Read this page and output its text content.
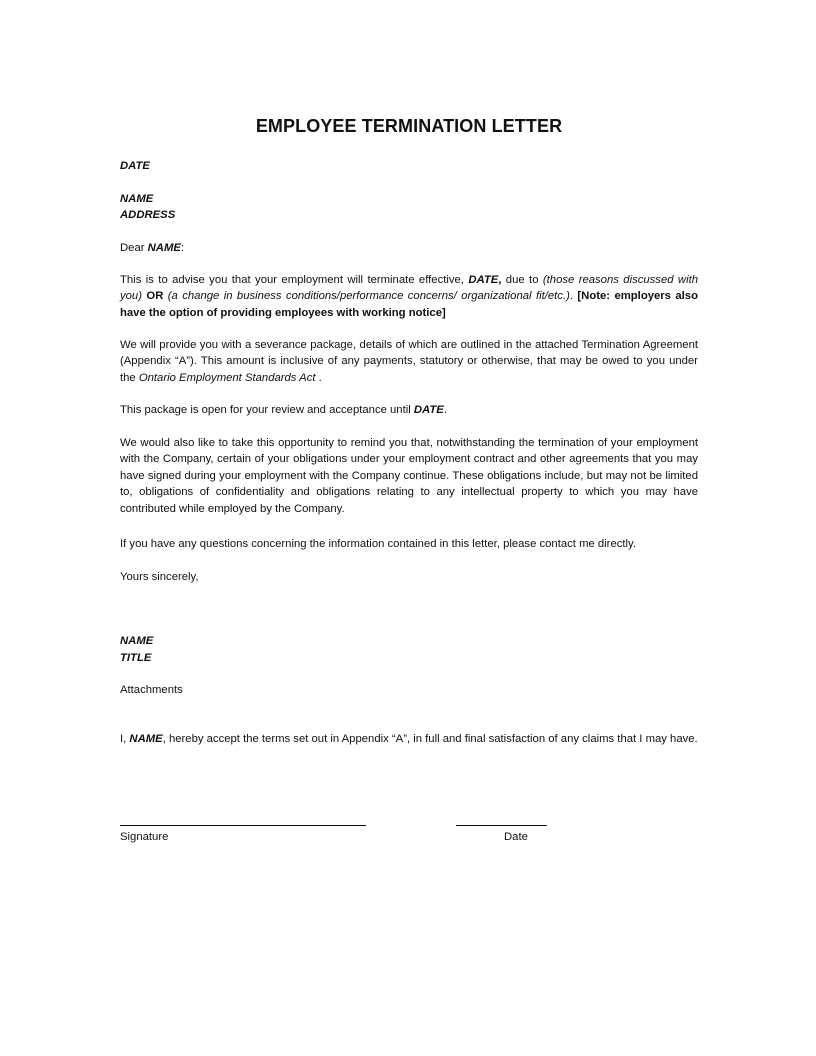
EMPLOYEE TERMINATION LETTER
DATE
NAME
ADDRESS
Dear NAME:
This is to advise you that your employment will terminate effective, DATE, due to (those reasons discussed with you) OR (a change in business conditions/performance concerns/ organizational fit/etc.). [Note: employers also have the option of providing employees with working notice]
We will provide you with a severance package, details of which are outlined in the attached Termination Agreement (Appendix “A”). This amount is inclusive of any payments, statutory or otherwise, that may be owed to you under the Ontario Employment Standards Act .
This package is open for your review and acceptance until DATE.
We would also like to take this opportunity to remind you that, notwithstanding the termination of your employment with the Company, certain of your obligations under your employment contract and other agreements that you may have signed during your employment with the Company continue. These obligations include, but may not be limited to, obligations of confidentiality and obligations relating to any intellectual property to which you may have contributed while employed by the Company.
If you have any questions concerning the information contained in this letter, please contact me directly.
Yours sincerely,
NAME
TITLE
Attachments
I, NAME, hereby accept the terms set out in Appendix “A”, in full and final satisfaction of any claims that I may have.
Signature	Date
